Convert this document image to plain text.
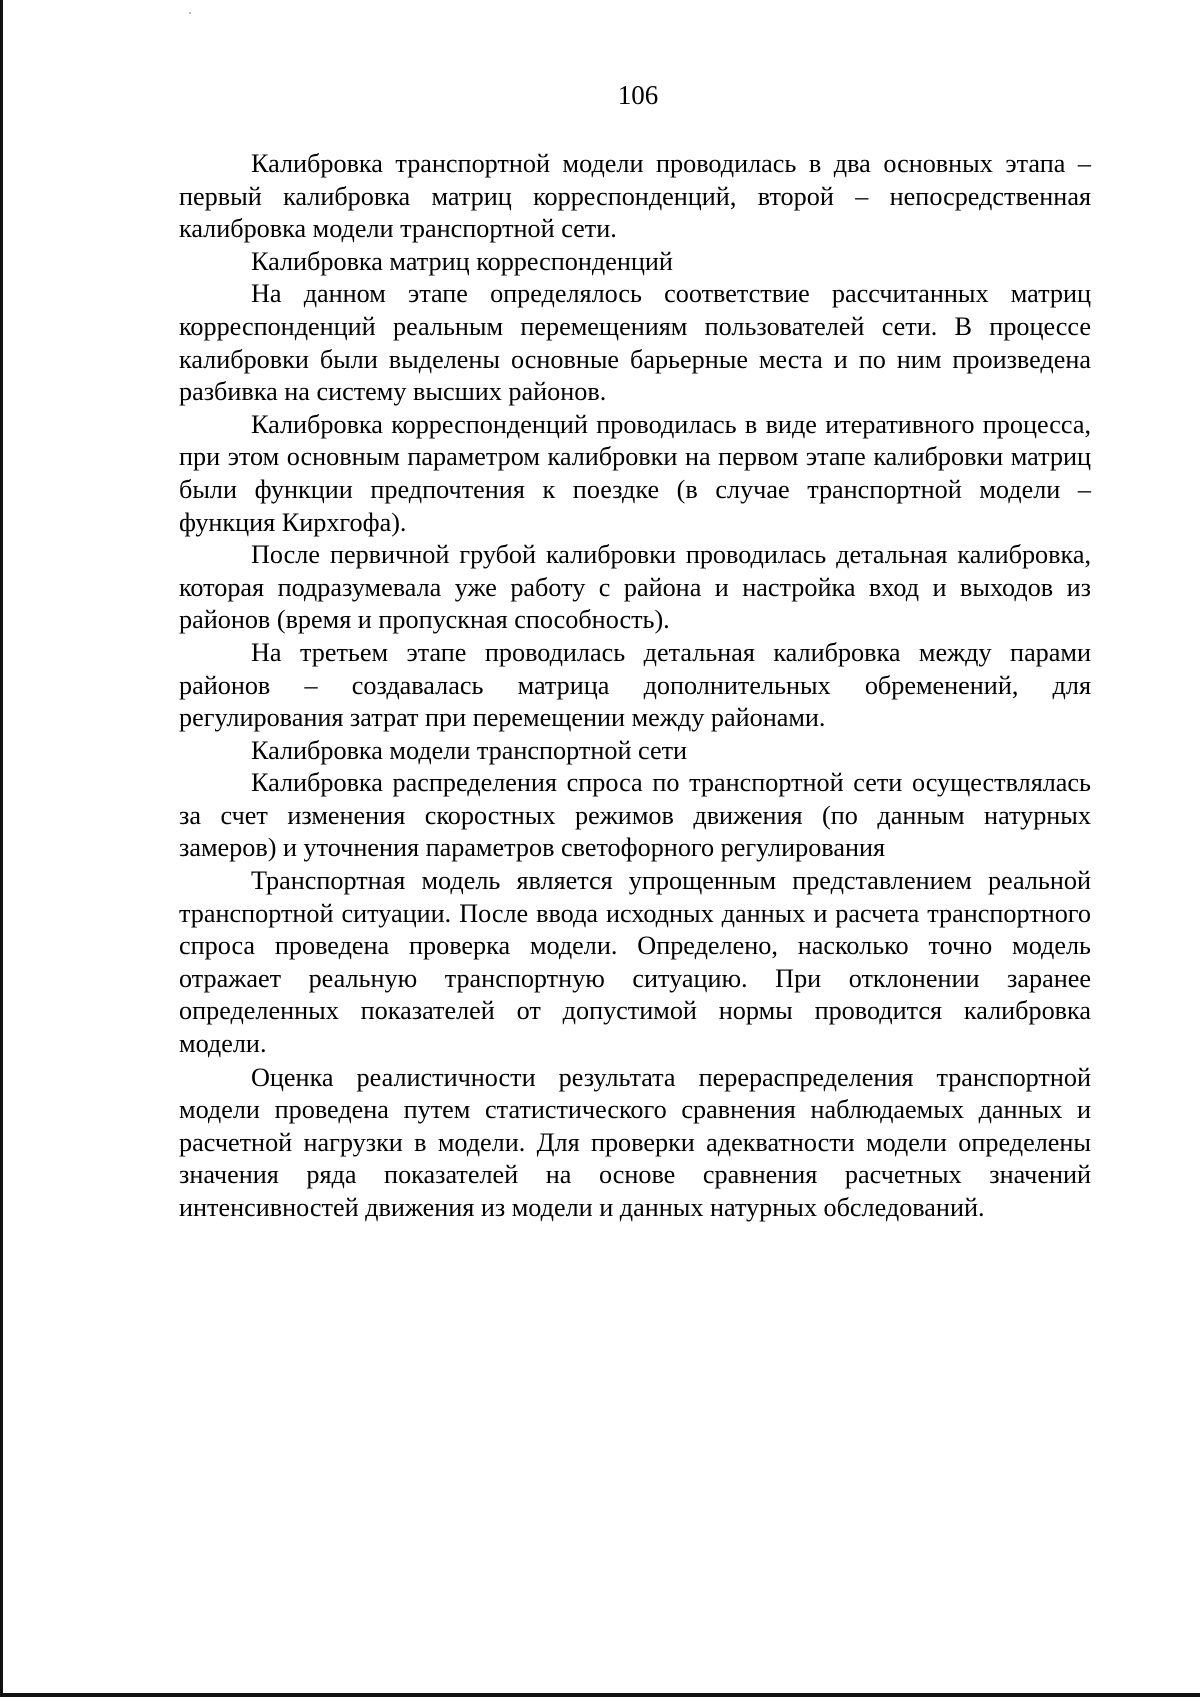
106

Калибровка транспортной модели проводилась в два основных этапа – первый калибровка матриц корреспонденций, второй – непосредственная калибровка модели транспортной сети.

Калибровка матриц корреспонденций

На данном этапе определялось соответствие рассчитанных матриц корреспонденций реальным перемещениям пользователей сети. В процессе калибровки были выделены основные барьерные места и по ним произведена разбивка на систему высших районов.

Калибровка корреспонденций проводилась в виде итеративного процесса, при этом основным параметром калибровки на первом этапе калибровки матриц были функции предпочтения к поездке (в случае транспортной модели – функция Кирхгофа).

После первичной грубой калибровки проводилась детальная калибровка, которая подразумевала уже работу с района и настройка вход и выходов из районов (время и пропускная способность).

На третьем этапе проводилась детальная калибровка между парами районов – создавалась матрица дополнительных обременений, для регулирования затрат при перемещении между районами.

Калибровка модели транспортной сети

Калибровка распределения спроса по транспортной сети осуществлялась за счет изменения скоростных режимов движения (по данным натурных замеров) и уточнения параметров светофорного регулирования

Транспортная модель является упрощенным представлением реальной транспортной ситуации. После ввода исходных данных и расчета транспортного спроса проведена проверка модели. Определено, насколько точно модель отражает реальную транспортную ситуацию. При отклонении заранее определенных показателей от допустимой нормы проводится калибровка модели.

Оценка реалистичности результата перераспределения транспортной модели проведена путем статистического сравнения наблюдаемых данных и расчетной нагрузки в модели. Для проверки адекватности модели определены значения ряда показателей на основе сравнения расчетных значений интенсивностей движения из модели и данных натурных обследований.
